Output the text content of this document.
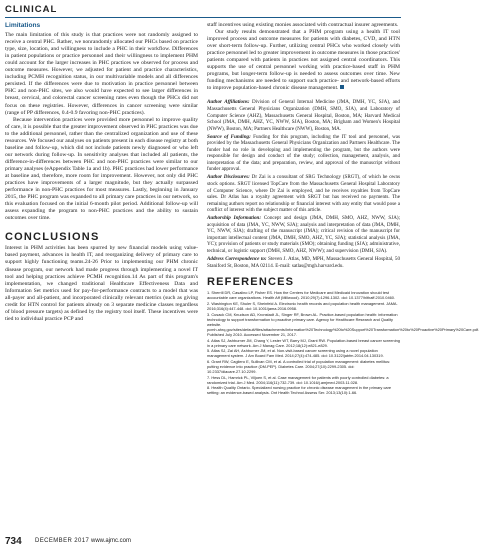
CLINICAL
Limitations

The main limitation of this study is that practices were not randomly assigned to receive a central PHC. Rather, we nonrandomly allocated our PHCs based on practice type, size, location, and willingness to include a PHC in their workflow. Differences in patient populations or practice personnel and their willingness to implement PHM could account for the larger increases in PHC practices we observed for process and outcome measures. However, we adjusted for patient and practice characteristics, including PCMH recognition status, in our multivariable models and all differences persisted. If the differences were due to motivation in practice personnel between PHC and non-PHC sites, we also would have expected to see larger differences in breast, cervical, and colorectal cancer screening rates even though the PHCs did not focus on these registries. However, differences in cancer screening were similar (range of PP differences, 0.4-0.9 favoring non-PHC practices).

Because intervention practices were provided more personnel to improve quality of care, it is possible that the greater improvement observed in PHC practices was due to the additional personnel, rather than the centralized organization and use of these resources. We focused our analyses on patients present in each disease registry at both baseline and follow-up, which did not include patients newly diagnosed or who left our network during follow-up. In sensitivity analyses that included all patients, the difference-in-differences between PHC and non-PHC practices were similar to our primary analyses (eAppendix Table 1a and 1b). PHC practices had lower performance at baseline and, therefore, more room for improvement. However, not only did PHC practices have improvements of a larger magnitude, but they actually surpassed performance in non-PHC practices for most measures. Lastly, beginning in January 2015, the PHC program was expanded to all primary care practices in our network, so this evaluation focused on the initial 6-month pilot period. Additional follow-up will assess expanding the program to non-PHC practices and the ability to sustain outcomes over time.

CONCLUSIONS

Interest in PHM activities has been spurred by new financial models using value-based payment, advances in health IT, and reorganizing delivery of primary care to support highly functioning teams.24-26 Prior to implementing our PHM chronic disease program, our network had made progress through implementing a novel IT tool and helping practices achieve PCMH recognition.14 As part of this program's implementation, we changed traditional Healthcare Effectiveness Data and Information Set metrics used for pay-for-performance contracts to a model that was all-payer and all-patient, and incorporated clinically relevant metrics (such as giving credit for HTN control for patients already on 3 separate medicine classes regardless of blood pressure targets) as defined by the registry tool itself. These incentives were tied to individual practice PCP and

staff incentives using existing monies associated with contractual insurer agreements.

Our study results demonstrated that a PHM program using a health IT tool improved process and outcome measures for patients with diabetes, CVD, and HTN over short-term follow-up. Further, utilizing central PHCs who worked closely with practice personnel led to greater improvement in outcome measures in those practices' patients compared with patients in practices not assigned central coordinators. This supports the use of central personnel working with practice-based staff in PHM programs, but longer-term follow-up is needed to assess outcomes over time. New funding mechanisms are needed to support such practice- and network-based efforts to improve population-based chronic disease management.

Author Affiliations: Division of General Internal Medicine (JMA, DMH, YC, SJA), and Massachusetts General Physicians Organization (DMH, SMO, SJA), and Laboratory of Computer Science (AHZ), Massachusetts General Hospital, Boston, MA; Harvard Medical School (JMA, DMH, AHZ, YC, NWW, SJA), Boston, MA; Brigham and Women's Hospital (NWW), Boston, MA; Partners Healthcare (NWW), Boston, MA.

Source of Funding: Funding for this program, including the IT tool and personnel, was provided by the Massachusetts General Physicians Organization and Partners Healthcare. The funder had no role in developing and implementing the program, but the authors were responsible for design and conduct of the study; collection, management, analysis, and interpretation of the data; and preparation, review, and approval of the manuscript without funder approval.

Author Disclosures: Dr Zai is a consultant of SRG Technology (SRGT), of which he owns stock options. SRGT licensed TopCare from the Massachusetts General Hospital Laboratory of Computer Science, where Dr Zai is employed, and he receives royalties from TopCare sales. Dr Atlas has a royalty agreement with SRGT but has received no payments. The remaining authors report no relationship or financial interest with any entity that would pose a conflict of interest with the subject matter of this article.

Authorship Information: Concept and design (JMA, DMH, SMO, AHZ, NWW, SJA); acquisition of data (JMA, YC, NWW, SJA); analysis and interpretation of data (JMA, DMH, YC, NWW, SJA); drafting of the manuscript (JMA); critical revision of the manuscript for important intellectual content (JMA, DMH, SMO, AHZ, YC, SJA); statistical analysis (JMA, YC); provision of patients or study materials (SMO); obtaining funding (SJA); administrative, technical, or logistic support (DMH, SMO, AHZ, NWW); and supervision (DMH, SJA).

Address Correspondence to: Steven J. Atlas, MD, MPH, Massachusetts General Hospital, 50 Staniford St, Boston, MA 02114. E-mail: satlas@mgh.harvard.edu.

REFERENCES
1. Sherrill DR, Casalino LP, Fisher ES. How the Centers for Medicare and Medicaid Innovation should test accountable care organizations. Health Aff (Millwood). 2010;29(7):1296-1302. doi: 10.1377/hlthaff.2010.0460.
2. Washington KE, Shuler S, Sheinfeld A. Electronic health records and population health management. JAMA. 2016;316(4):447-448. doi: 10.1001/jama.2016.0958.
3. Cusack CM, Knudson AD, Kronstadt JL, Singer RF, Brown AL. Practice-based population health: information technology to support transformation to proactive primary care. Agency for Healthcare Research and Quality website. pcmh.ahrq.gov/sites/default/files/attachments/Information%20Technology%20to%20Support%20Transformation%20to%20Proactive%20Primary%20Care.pdf. Published July 2010. Accessed November 21, 2017.
4. Atlas SJ, Ashburner JM, Chang Y, Lester WT, Barry MJ, Grant RW. Population-based breast cancer screening in a primary care network. Am J Manag Care. 2012;18(12):e821-e829.
5. Atlas SJ, Zai AH, Ashburner JM, et al. Non-visit-based cancer screening using a novel population management system. J Am Board Fam Med. 2014;27(4):474-485. doi: 10.3122/jabfm.2014.04.130319.
6. Grant RW, Cagliero E, Sullivan CM, et al. A controlled trial of population management: diabetes mellitus: putting evidence into practice (DM-PEP). Diabetes Care. 2004;27(10):2299-2305. doi: 10.2337/diacare.27.10.2299.
7. Hess DL, Hamrick PL, Viljoen S, et al. Case management for patients with poorly controlled diabetes: a randomized trial. Am J Med. 2004;116(11):732-739. doi: 10.1016/j.amjmed.2003.11.028.
8. Health Quality Ontario. Specialized nursing practice for chronic disease management in the primary care setting: an evidence-based analysis. Ont Health Technol Assess Ser. 2013;13(10):1-66.
734 DECEMBER 2017 www.ajmc.com
